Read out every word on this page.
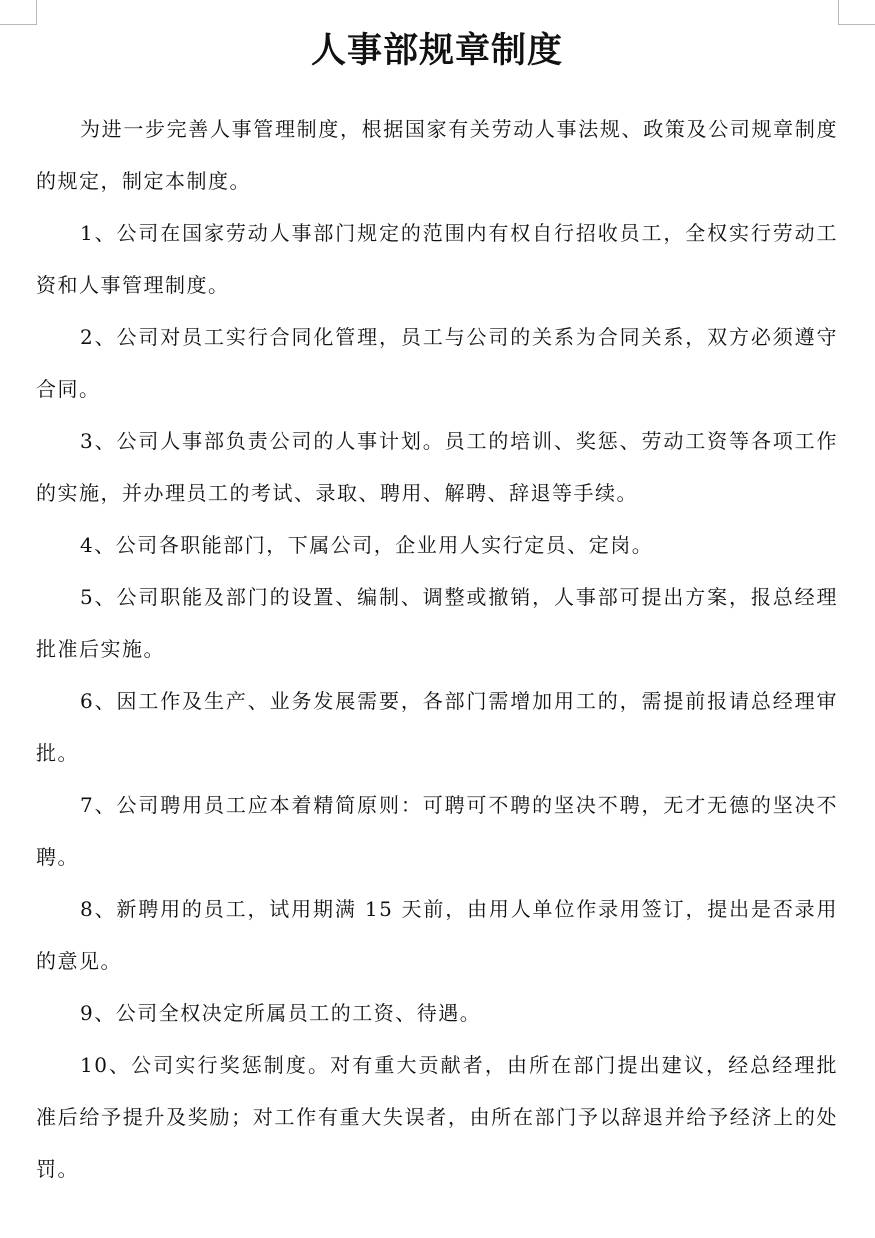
人事部规章制度

为进一步完善人事管理制度，根据国家有关劳动人事法规、政策及公司规章制度的规定，制定本制度。

1、公司在国家劳动人事部门规定的范围内有权自行招收员工，全权实行劳动工资和人事管理制度。

2、公司对员工实行合同化管理，员工与公司的关系为合同关系，双方必须遵守合同。

3、公司人事部负责公司的人事计划。员工的培训、奖惩、劳动工资等各项工作的实施，并办理员工的考试、录取、聘用、解聘、辞退等手续。

4、公司各职能部门，下属公司，企业用人实行定员、定岗。

5、公司职能及部门的设置、编制、调整或撤销，人事部可提出方案，报总经理批准后实施。

6、因工作及生产、业务发展需要，各部门需增加用工的，需提前报请总经理审批。

7、公司聘用员工应本着精简原则：可聘可不聘的坚决不聘，无才无德的坚决不聘。

8、新聘用的员工，试用期满 15 天前，由用人单位作录用签订，提出是否录用的意见。

9、公司全权决定所属员工的工资、待遇。

10、公司实行奖惩制度。对有重大贡献者，由所在部门提出建议，经总经理批准后给予提升及奖励；对工作有重大失误者，由所在部门予以辞退并给予经济上的处罚。
